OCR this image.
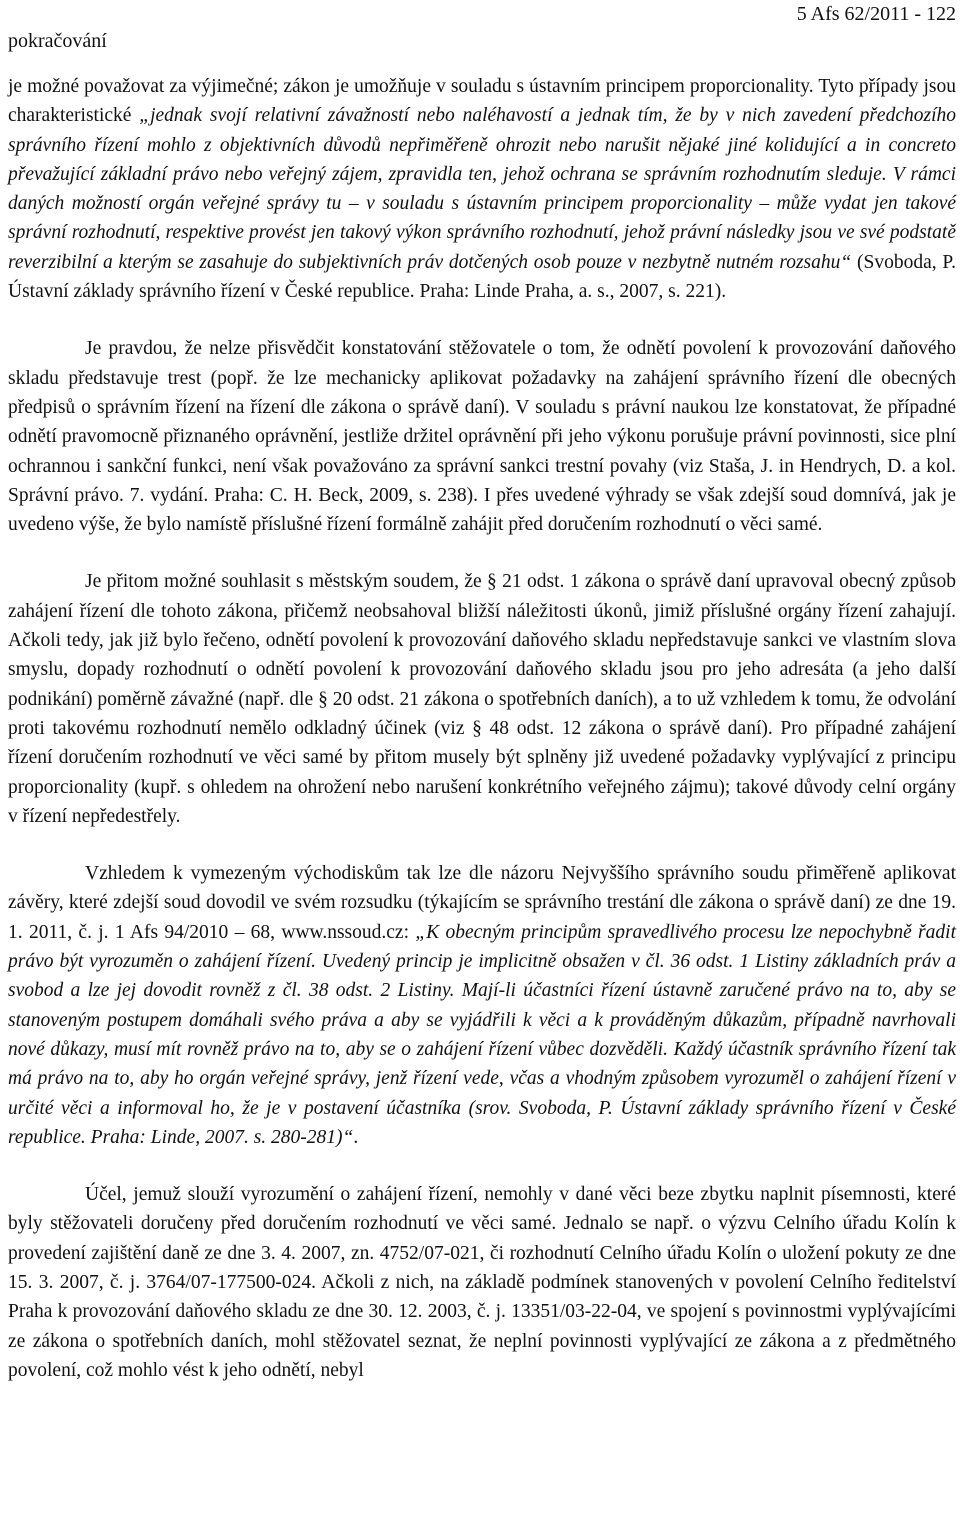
pokračování
5 Afs 62/2011 - 122

je možné považovat za výjimečné; zákon je umožňuje v souladu s ústavním principem proporcionality. Tyto případy jsou charakteristické „jednak svojí relativní závažností nebo naléhavostí a jednak tím, že by v nich zavedení předchozího správního řízení mohlo z objektivních důvodů nepřiměřeně ohrozit nebo narušit nějaké jiné kolidující a in concreto převažující základní právo nebo veřejný zájem, zpravidla ten, jehož ochrana se správním rozhodnutím sleduje. V rámci daných možností orgán veřejné správy tu – v souladu s ústavním principem proporcionality – může vydat jen takové správní rozhodnutí, respektive provést jen takový výkon správního rozhodnutí, jehož právní následky jsou ve své podstatě reverzibilní a kterým se zasahuje do subjektivních práv dotčených osob pouze v nezbytně nutném rozsahu“ (Svoboda, P. Ústavní základy správního řízení v České republice. Praha: Linde Praha, a. s., 2007, s. 221).

Je pravdou, že nelze přisvědčit konstatování stěžovatele o tom, že odnětí povolení k provozování daňového skladu představuje trest (popř. že lze mechanicky aplikovat požadavky na zahájení správního řízení dle obecných předpisů o správním řízení na řízení dle zákona o správě daní). V souladu s právní naukou lze konstatovat, že případné odnětí pravomocně přiznaného oprávnění, jestliže držitel oprávnění při jeho výkonu porušuje právní povinnosti, sice plní ochrannou i sankční funkci, není však považováno za správní sankci trestní povahy (viz Staša, J. in Hendrych, D. a kol. Správní právo. 7. vydání. Praha: C. H. Beck, 2009, s. 238). I přes uvedené výhrady se však zdejší soud domnívá, jak je uvedeno výše, že bylo namístě příslušné řízení formálně zahájit před doručením rozhodnutí o věci samé.

Je přitom možné souhlasit s městským soudem, že § 21 odst. 1 zákona o správě daní upravoval obecný způsob zahájení řízení dle tohoto zákona, přičemž neobsahoval bližší náležitosti úkonů, jimiž příslušné orgány řízení zahajují. Ačkoli tedy, jak již bylo řečeno, odnětí povolení k provozování daňového skladu nepředstavuje sankci ve vlastním slova smyslu, dopady rozhodnutí o odnětí povolení k provozování daňového skladu jsou pro jeho adresáta (a jeho další podnikání) poměrně závažné (např. dle § 20 odst. 21 zákona o spotřebních daních), a to už vzhledem k tomu, že odvolání proti takovému rozhodnutí nemělo odkladný účinek (viz § 48 odst. 12 zákona o správě daní). Pro případné zahájení řízení doručením rozhodnutí ve věci samé by přitom musely být splněny již uvedené požadavky vyplývající z principu proporcionality (kupř. s ohledem na ohrožení nebo narušení konkrétního veřejného zájmu); takové důvody celní orgány v řízení nepředestřely.

Vzhledem k vymezeným východiskům tak lze dle názoru Nejvyššího správního soudu přiměřeně aplikovat závěry, které zdejší soud dovodil ve svém rozsudku (týkajícím se správního trestání dle zákona o správě daní) ze dne 19. 1. 2011, č. j. 1 Afs 94/2010 – 68, www.nssoud.cz: „K obecným principům spravedlivého procesu lze nepochybně řadit právo být vyrozuměn o zahájení řízení. Uvedený princip je implicitně obsažen v čl. 36 odst. 1 Listiny základních práv a svobod a lze jej dovodit rovněž z čl. 38 odst. 2 Listiny. Mají-li účastníci řízení ústavně zaručené právo na to, aby se stanoveným postupem domáhali svého práva a aby se vyjádřili k věci a k prováděným důkazům, případně navrhovali nové důkazy, musí mít rovněž právo na to, aby se o zahájení řízení vůbec dozvěděli. Každý účastník správního řízení tak má právo na to, aby ho orgán veřejné správy, jenž řízení vede, včas a vhodným způsobem vyrozuměl o zahájení řízení v určité věci a informoval ho, že je v postavení účastníka (srov. Svoboda, P. Ústavní základy správního řízení v České republice. Praha: Linde, 2007. s. 280-281)“.

Účel, jemuž slouží vyrozumění o zahájení řízení, nemohly v dané věci beze zbytku naplnit písemnosti, které byly stěžovateli doručeny před doručením rozhodnutí ve věci samé. Jednalo se např. o výzvu Celního úřadu Kolín k provedení zajištění daně ze dne 3. 4. 2007, zn. 4752/07-021, či rozhodnutí Celního úřadu Kolín o uložení pokuty ze dne 15. 3. 2007, č. j. 3764/07-177500-024. Ačkoli z nich, na základě podmínek stanovených v povolení Celního ředitelství Praha k provozování daňového skladu ze dne 30. 12. 2003, č. j. 13351/03-22-04, ve spojení s povinnostmi vyplývajícími ze zákona o spotřebních daních, mohl stěžovatel seznat, že neplní povinnosti vyplývající ze zákona a z předmětného povolení, což mohlo vést k jeho odnětí, nebyl
